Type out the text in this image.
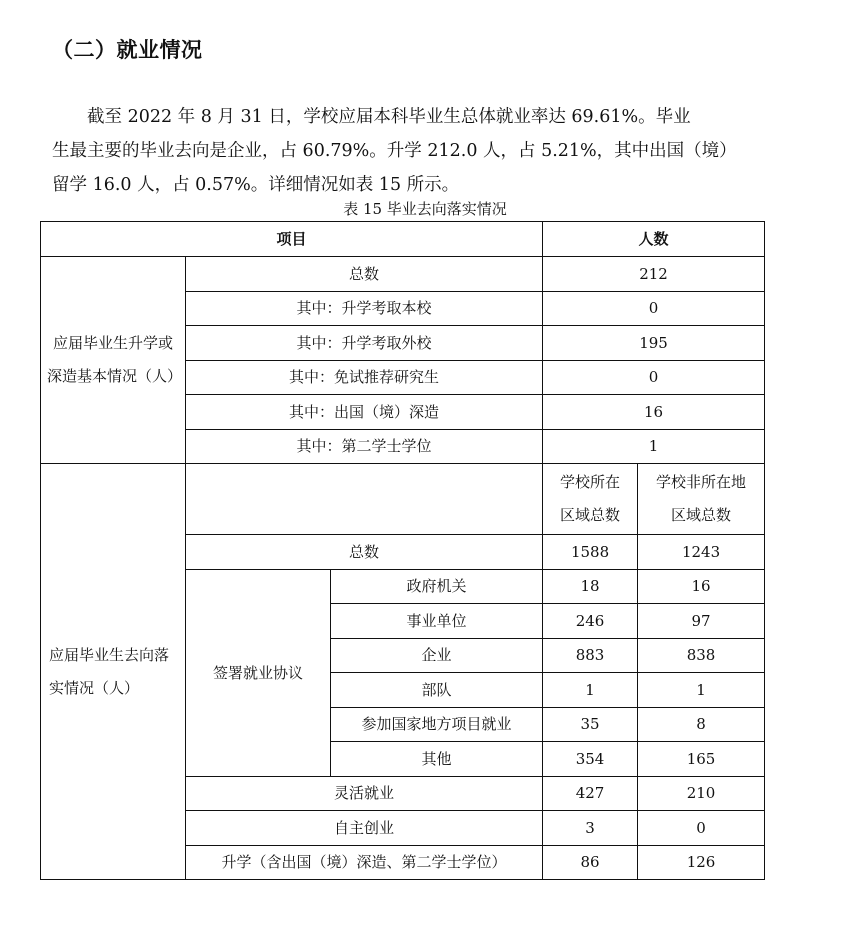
（二）就业情况
截至 2022 年 8 月 31 日，学校应届本科毕业生总体就业率达 69.61%。毕业
生最主要的毕业去向是企业，占 60.79%。升学 212.0 人，占 5.21%，其中出国（境）
留学 16.0 人，占 0.57%。详细情况如表 15 所示。
表 15 毕业去向落实情况
项目			人数	
应届毕业生升学或深造基本情况（人）	总数		212	
	其中：升学考取本校		0	
	其中：升学考取外校		195	
	其中：免试推荐研究生		0	
	其中：出国（境）深造		16	
	其中：第二学士学位		1	
应届毕业生去向落实情况（人）			学校所在区域总数	学校非所在地区域总数
	总数		1588	1243
	签署就业协议	政府机关	18	16
		事业单位	246	97
		企业	883	838
		部队	1	1
		参加国家地方项目就业	35	8
		其他	354	165
	灵活就业		427	210
	自主创业		3	0
	升学（含出国（境）深造、第二学士学位）		86	126
